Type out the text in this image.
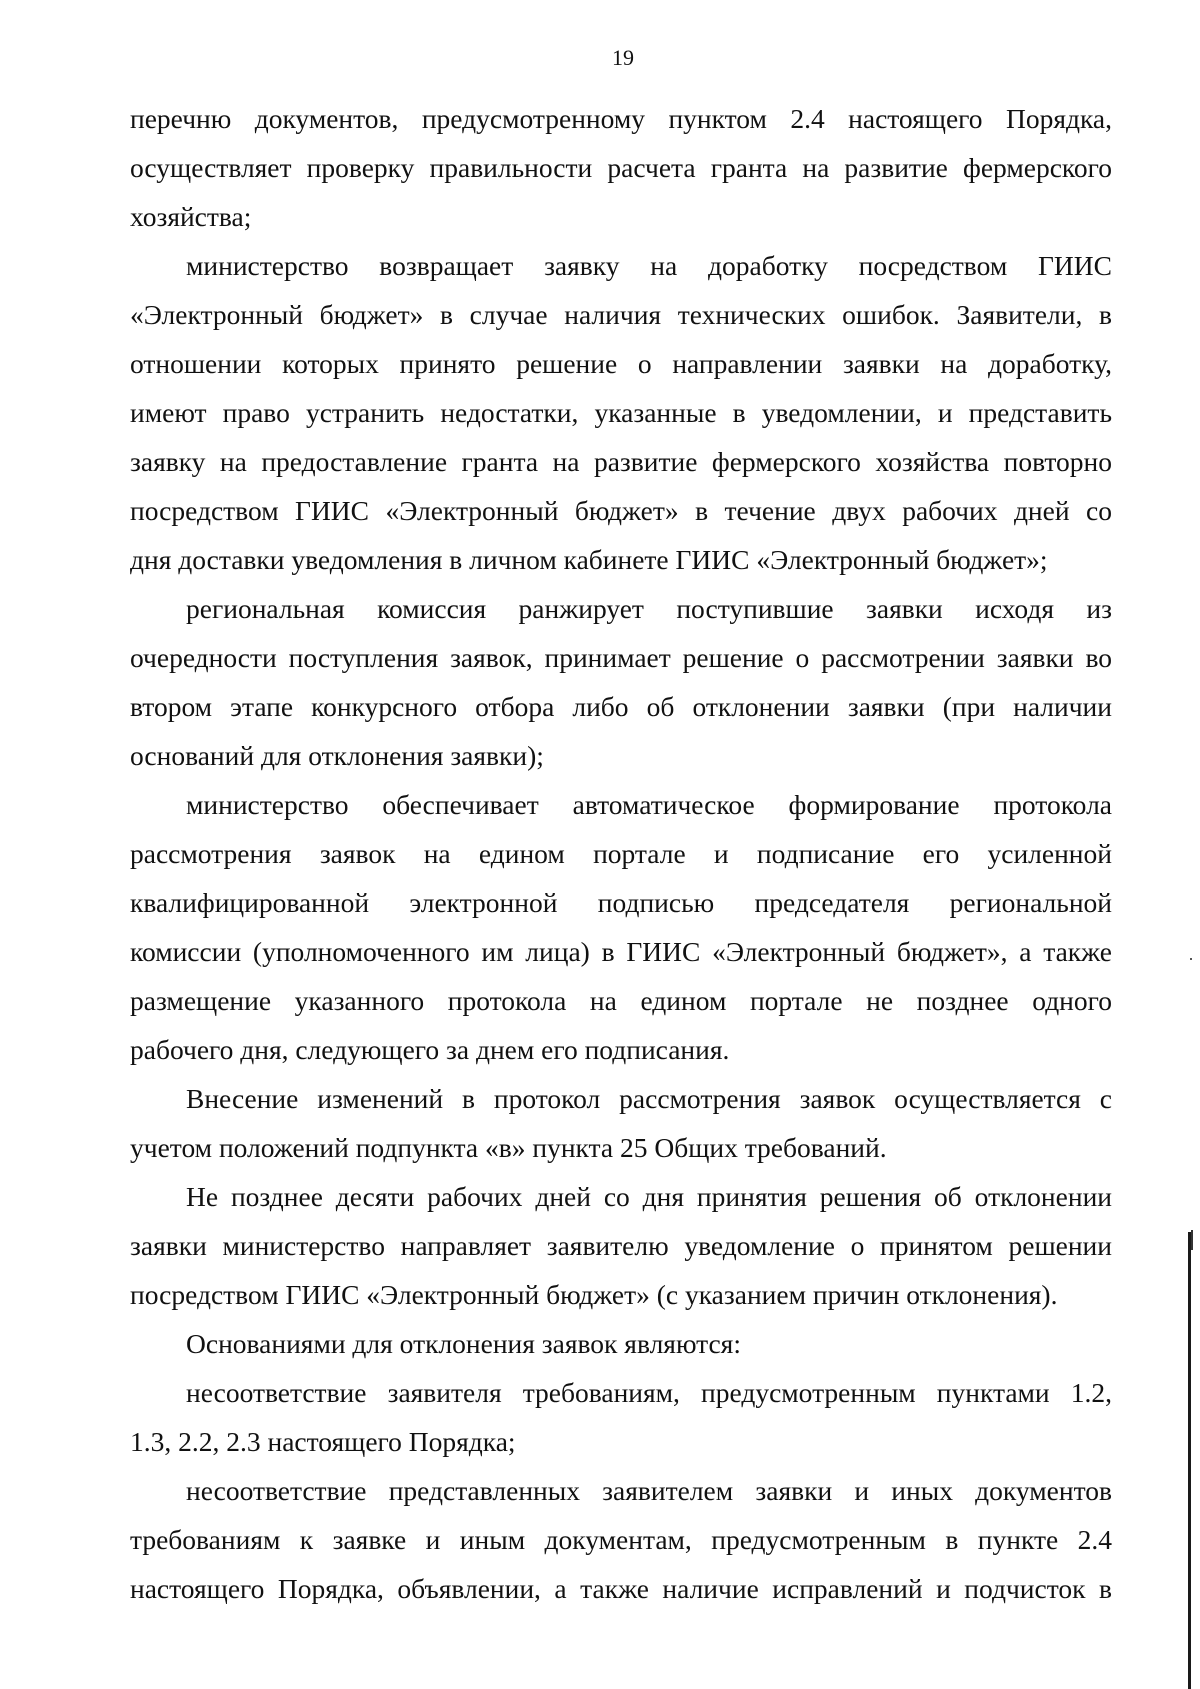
19

перечню документов, предусмотренному пунктом 2.4 настоящего Порядка,

осуществляет проверку правильности расчета гранта на развитие фермерского

хозяйства;

министерство возвращает заявку на доработку посредством ГИИС

«Электронный бюджет» в случае наличия технических ошибок. Заявители, в

отношении которых принято решение о направлении заявки на доработку,

имеют право устранить недостатки, указанные в уведомлении, и представить

заявку на предоставление гранта на развитие фермерского хозяйства повторно

посредством ГИИС «Электронный бюджет» в течение двух рабочих дней со

дня доставки уведомления в личном кабинете ГИИС «Электронный бюджет»;

региональная комиссия ранжирует поступившие заявки исходя из

очередности поступления заявок, принимает решение о рассмотрении заявки во

втором этапе конкурсного отбора либо об отклонении заявки (при наличии

оснований для отклонения заявки);

министерство обеспечивает автоматическое формирование протокола

рассмотрения заявок на едином портале и подписание его усиленной

квалифицированной электронной подписью председателя региональной

комиссии (уполномоченного им лица) в ГИИС «Электронный бюджет», а также

размещение указанного протокола на едином портале не позднее одного

рабочего дня, следующего за днем его подписания.

Внесение изменений в протокол рассмотрения заявок осуществляется с

учетом положений подпункта «в» пункта 25 Общих требований.

Не позднее десяти рабочих дней со дня принятия решения об отклонении

заявки министерство направляет заявителю уведомление о принятом решении

посредством ГИИС «Электронный бюджет» (с указанием причин отклонения).

Основаниями для отклонения заявок являются:

несоответствие заявителя требованиям, предусмотренным пунктами 1.2,

1.3, 2.2, 2.3 настоящего Порядка;

несоответствие представленных заявителем заявки и иных документов

требованиям к заявке и иным документам, предусмотренным в пункте 2.4

настоящего Порядка, объявлении, а также наличие исправлений и подчисток в
